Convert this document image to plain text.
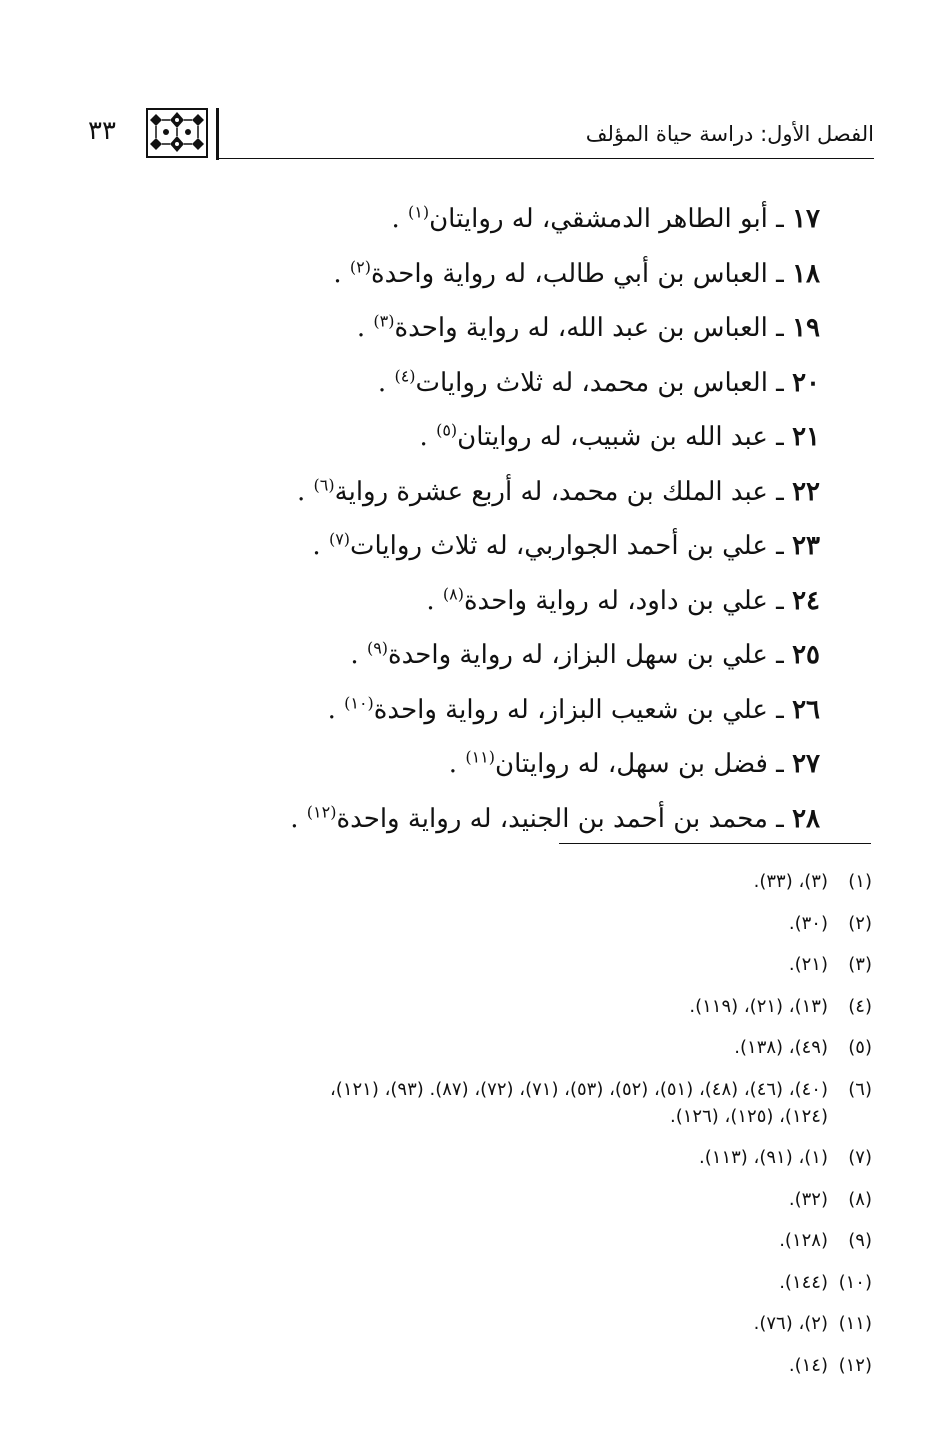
٣٣	الفصل الأول: دراسة حياة المؤلف
١٧ ـ أبو الطاهر الدمشقي، له روايتان$^{(١)}$ .
١٨ ـ العباس بن أبي طالب، له رواية واحدة$^{(٢)}$ .
١٩ ـ العباس بن عبد الله، له رواية واحدة$^{(٣)}$ .
٢٠ ـ العباس بن محمد، له ثلاث روايات$^{(٤)}$ .
٢١ ـ عبد الله بن شبيب، له روايتان$^{(٥)}$ .
٢٢ ـ عبد الملك بن محمد، له أربع عشرة رواية$^{(٦)}$ .
٢٣ ـ علي بن أحمد الجواربي، له ثلاث روايات$^{(٧)}$ .
٢٤ ـ علي بن داود، له رواية واحدة$^{(٨)}$ .
٢٥ ـ علي بن سهل البزاز، له رواية واحدة$^{(٩)}$ .
٢٦ ـ علي بن شعيب البزاز، له رواية واحدة$^{(١٠)}$ .
٢٧ ـ فضل بن سهل، له روايتان$^{(١١)}$ .
٢٨ ـ محمد بن أحمد بن الجنيد، له رواية واحدة$^{(١٢)}$ .
(١)(٣)، (٣٣).
(٢)(٣٠).
(٣)(٢١).
(٤)(١٣)، (٢١)، (١١٩).
(٥)(٤٩)، (١٣٨).
(٦)(٤٠)، (٤٦)، (٤٨)، (٥١)، (٥٢)، (٥٣)، (٧١)، (٧٢)، (٨٧). (٩٣)، (١٢١)،
(١٢٤)، (١٢٥)، (١٢٦).
(٧)(١)، (٩١)، (١١٣).
(٨)(٣٢).
(٩)(١٢٨).
(١٠)(١٤٤).
(١١)(٢)، (٧٦).
(١٢)(١٤).
